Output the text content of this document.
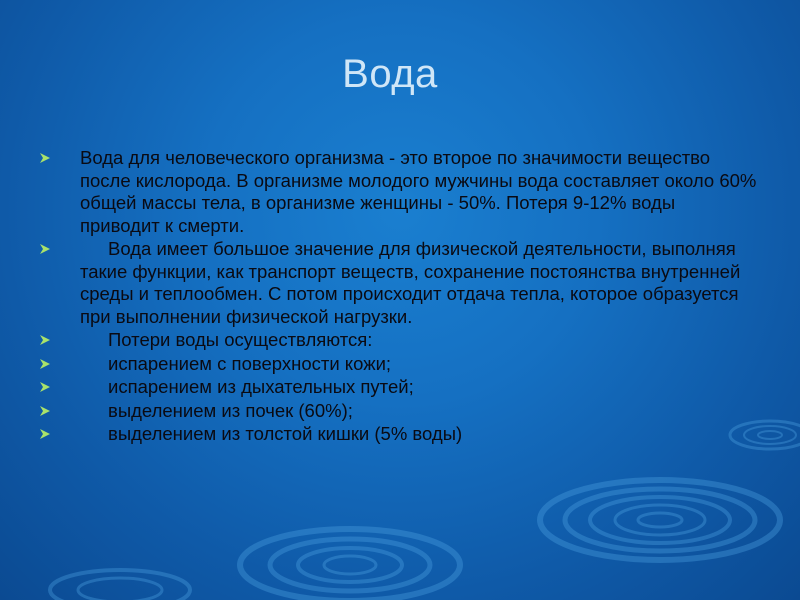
Вода
Вода для человеческого организма - это второе по значимости вещество после кислорода. В организме молодого мужчины вода составляет около 60% общей массы тела, в организме женщины - 50%. Потеря 9-12% воды приводит к смерти.
Вода имеет большое значение для физической деятельности, выполняя такие функции, как транспорт веществ, сохранение постоянства внутренней среды и теплообмен. С потом происходит отдача тепла, которое образуется при выполнении физической нагрузки.
Потери воды осуществляются:
испарением с поверхности кожи;
испарением из дыхательных путей;
выделением из почек (60%);
выделением из толстой кишки (5% воды)
